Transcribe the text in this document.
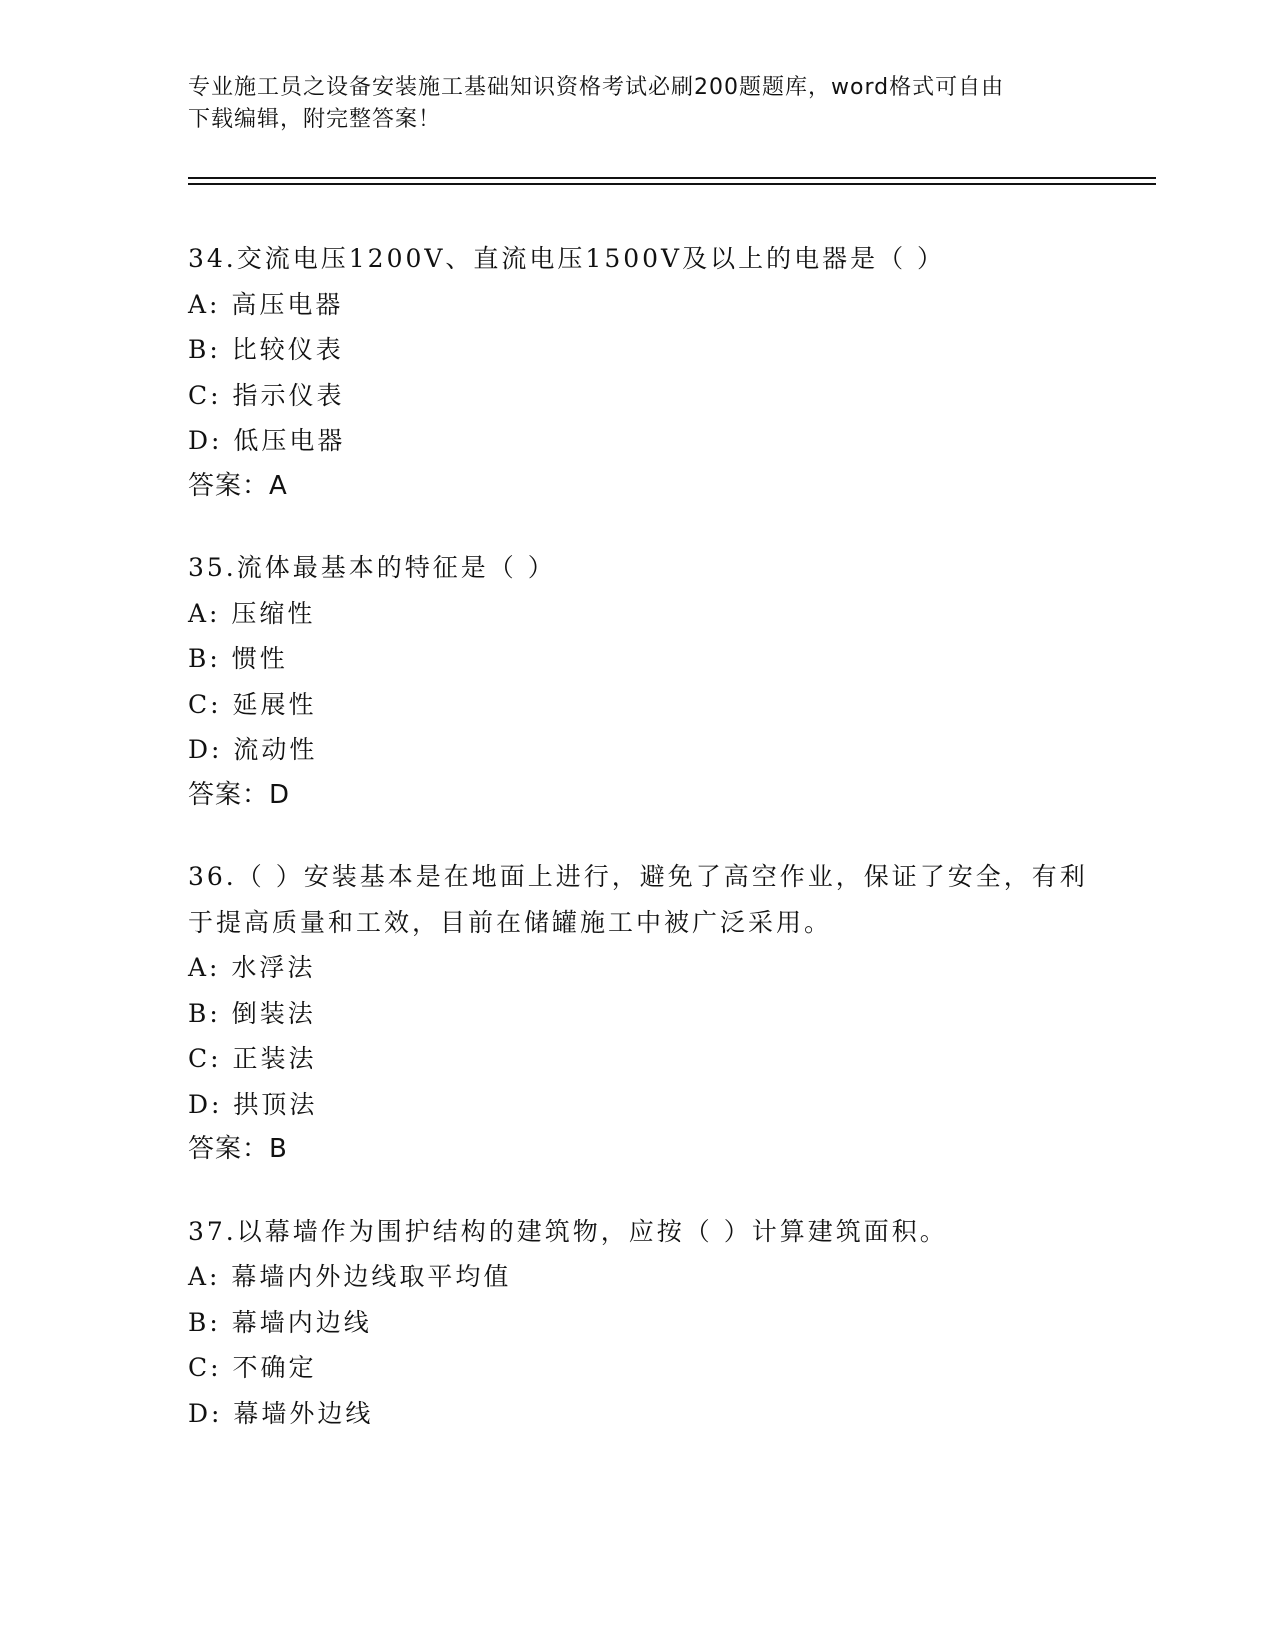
专业施工员之设备安装施工基础知识资格考试必刷200题题库，word格式可自由
下载编辑，附完整答案！
34.交流电压1200V、直流电压1500V及以上的电器是（ ）
A: 高压电器
B: 比较仪表
C: 指示仪表
D: 低压电器
答案：A
35.流体最基本的特征是（ ）
A: 压缩性
B: 惯性
C: 延展性
D: 流动性
答案：D
36.（ ）安装基本是在地面上进行，避免了高空作业，保证了安全，有利于提高质量和工效，目前在储罐施工中被广泛采用。
A: 水浮法
B: 倒装法
C: 正装法
D: 拱顶法
答案：B
37.以幕墙作为围护结构的建筑物，应按（ ）计算建筑面积。
A: 幕墙内外边线取平均值
B: 幕墙内边线
C: 不确定
D: 幕墙外边线
